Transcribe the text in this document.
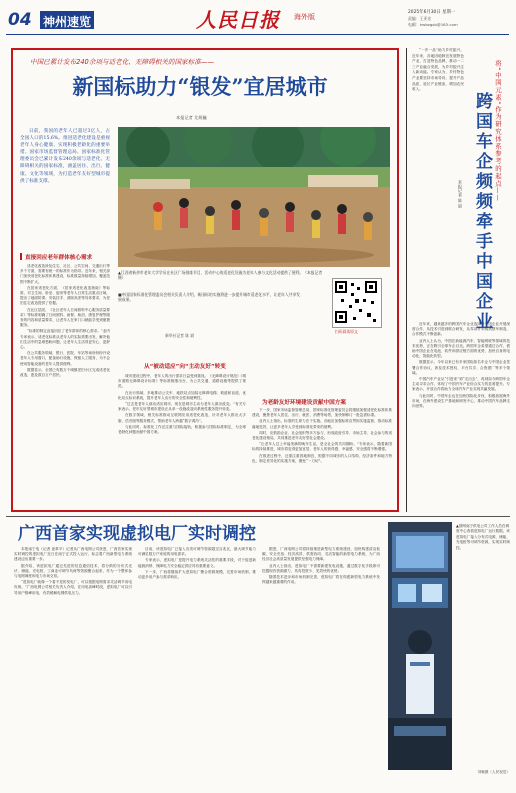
04 神州速览	人民日报 海外版
2025年6月30日 星期一
责编：王亚宏
电邮：hwbzgsb@163.com
中国已累计发布240余项与适老化、无障碍相关的国家标准——
新国标助力“银发”宜居城市
本报记者 尤炳巍

日前，我国的老年人已超过3亿人，占全国人口的15.6%。推进适老化建设是重视老年人身心健康、实现积极老龄化的重要举措。国家市场监督管理总局、国家标准化管理委员会已累计发布240余项与适老化、无障碍相关的国家标准，涵盖居住、出行、健康、文化等领域，为打造老年友好型城市提供了标准支撑。

▲江西省新余市老年大学学员在社区广场排练节目，活动中心的适老化设施为老年人参与文化活动提供了便利。（本报记者 摄）
■中国国家标准化管理委员会相关负责人介绍，新国标的实施将进一步提升城市适老化水平，让老年人共享发展成果。
新华社记者 陈 斌
扫码阅读原文
直接回应老年群体核心需求

适老化改造涉及住宅、社区、公共空间、交通出行等多个方面，需要有统一的标准作为指导。近年来，相关部门加快适老化标准体系建设，标准数量持续增加，覆盖范围不断扩大。

在居家适老化方面，《居家适老化改造指南》等标准，对卫生间、卧室、厨房等老年人日常生活重点区域，提出了地面防滑、安装扶手、消除高差等具体要求，为老旧住宅改造提供了依据。

在社区层面，《社区老年人日间照料中心服务质量要求》等标准明确了日间照料、助餐、助浴、康复护理等服务的内容和质量要求，让老年人在家门口就能享受到便捷服务。

“标准的制定直接回应了老年群体的核心需求。”业内专家表示，适老化标准从老年人的实际需要出发，解决他们生活中的急难愁盼问题，让老年人生活得更安心、更舒心。

在公共服务领域，银行、医院、车站等场所纷纷开设老年人专用窗口，配备助行设施，保留人工服务，为不会使用智能设备的老年人提供便利。

数据显示，全国已有数万个城镇老旧小区完成适老化改造，惠及数百万户居民。

从“被动适应”向“主动友好”转变

城市建设过程中，老年人的出行需求日益受到重视。《无障碍设计规范》《城市道路无障碍设计标准》等标准相继出台，为公共交通、道路设施等提供了规范。

在出行领域，多地推动公交车、地铁站点加装无障碍电梯、坡道和盲道，优化站点标识系统，提升老年人出行的安全性和便利性。

“过去是老年人被动适应城市，现在是城市主动为老年人做出改变。”有关专家表示，老年友好型城市建设正从单一设施改造向系统性服务提升转变。

在数字领域，相关标准推动互联网应用适老化改造，针对老年人推出大字版、语音版等服务模式，帮助老年人跨越“数字鸿沟”。

与此同时，标准化工作还注重与国际接轨，积极参与国际标准制定，为全球老龄化问题贡献中国方案。

为老龄友好环境建设贡献中国方案

下一步，国家市场监督管理总局、国家标准化管理委员会将继续加强适老化标准体系建设，聚焦老年人居住、出行、就医、消费等场景，加快制修订一批急需标准。

业内人士指出，标准的生命力在于实施。各地应加强标准宣贯和实施监督，推动标准落地见效，让更多老年人享受到标准化带来的便利。

同时，应鼓励企业、社会组织等多方参与，形成政府引导、市场主导、社会参与的适老化建设格局，共同推进老年友好型社会建设。

“让老年人过上幸福美满的晚年生活，是全社会的共同期盼。”专家表示，随着新国标的持续推进，城市将变得更加宜居，老年人的获得感、幸福感、安全感将不断增强。

在推进过程中，还需注重因地制宜，根据不同城市的人口结构、经济条件和地方特色，制定差异化的实施方案，避免“一刀切”。

“一乡一品”助力乡村振兴。近年来，各地因地制宜发展特色产业，打造特色品牌，推动一二三产业融合发展，为乡村振兴注入新动能。专家认为，乡村特色产业要坚持市场导向，提升产品品质，延长产业链条，增加农民收入。	将“中国元素”作为研究体系参考的起点——
跨国车企频频牵手中国企业
本报记者 陈 晨

近年来，越来越多的跨国汽车企业选择与中国企业开展深度合作，从技术引进到联合研发，从零部件采购到整车制造，合作模式不断创新。

业内人士认为，中国在新能源汽车、智能网联等领域的技术优势，正在吸引全球车企目光。跨国车企希望通过合作，借助中国企业在电池、软件和供应链方面的优势，加快自身的电动化、智能化转型。

数据显示，今年以来已有多家国际知名车企与中国企业签署合作协议，涉及技术授权、平台共享、合资建厂等多个领域。

中国汽车产业从“引进来”到“走出去”，再到如今跨国车企主动寻求合作，体现了中国汽车产业综合实力的显著提升。专家表示，开放合作将助力全球汽车产业实现共赢发展。

与此同时，中国车企也在加快国际化步伐，积极拓展海外市场，在海外建设生产基地和研发中心，推动中国汽车品牌走向世界。

广西首家实现虚拟电厂实时调控

本报南宁电（记者 庞革平）记者从广西电网公司获悉，广西首家实现实时调控的虚拟电厂近日在南宁正式投入运行，标志着广西新型电力系统建设迈出重要一步。

据介绍，该虚拟电厂通过先进的信息通信技术，将分散的分布式光伏、储能、充电桩、工商业可调节负荷等资源聚合起来，作为一个整体参与电网调度和电力市场交易。

“虚拟电厂就像一个看不见的发电厂，可以根据电网需求灵活调节用电负荷。”广西电网公司相关负责人介绍，在用电高峰时段，虚拟电厂可以引导用户错峰用电，有效缓解电网供电压力。

目前，该虚拟电厂已接入各类可调节资源超过百兆瓦，最大调节能力可满足数万户家庭的用电需求。

专家表示，虚拟电厂是提升电力系统灵活性的重要手段，对于促进新能源消纳、保障电力安全稳定供应具有重要意义。

下一步，广西将继续扩大虚拟电厂聚合资源规模，完善市场机制，推动更多用户参与需求响应。

据悉，广西电网公司将持续推进新型电力系统建设，加快构建清洁低碳、安全充裕、经济高效、供需协同、灵活智能的新型电力系统，为广西经济社会高质量发展提供坚强电力保障。

业内人士指出，虚拟电厂不需要新建发电设施，通过数字化手段即可挖掘现有资源潜力，具有投资少、见效快的优势。

随着技术进步和市场机制完善，虚拟电厂将在构建新型电力系统中发挥越来越重要的作用。

▲国网南宁供电公司工作人员在调度中心查看虚拟电厂运行数据。该虚拟电厂接入分布式电源、储能、充电桩等可调节资源，实现实时调控。
刘畅摄（人民视觉）
